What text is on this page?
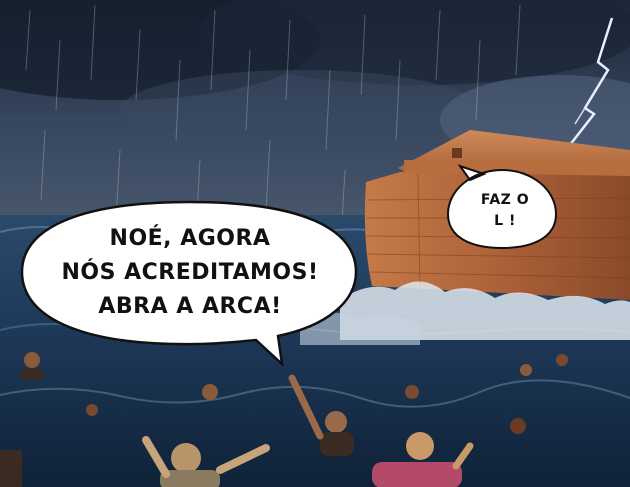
NOÉ, AGORA
NÓS ACREDITAMOS!
ABRA A ARCA!
FAZ O
L !
